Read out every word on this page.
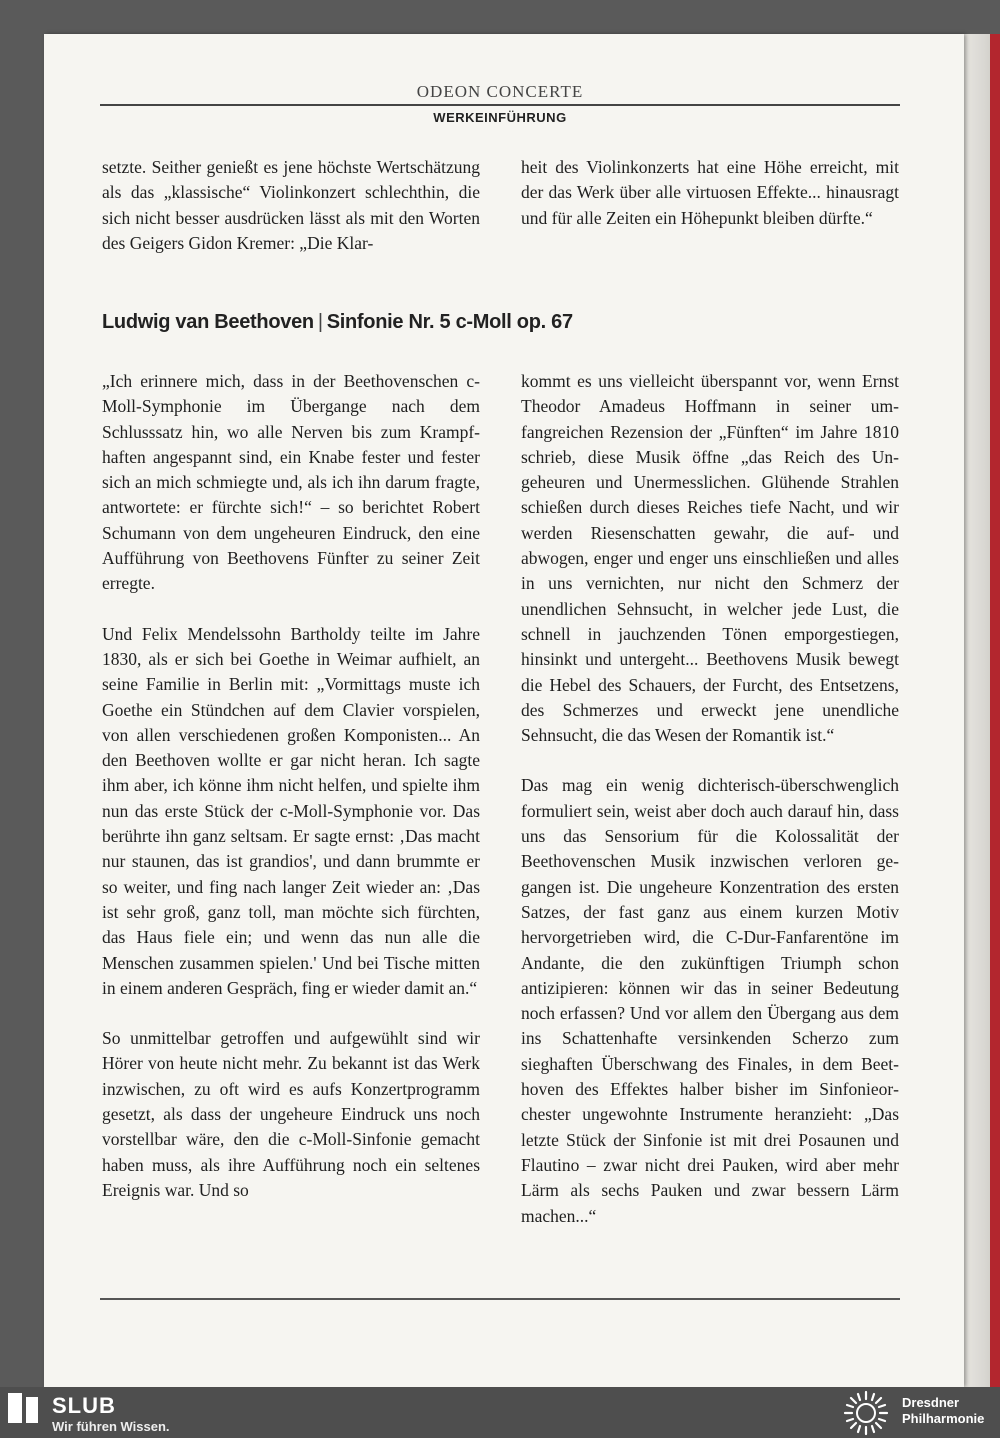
ODEON CONCERTE
WERKEINFÜHRUNG

setzte. Seither genießt es jene höchste Wertschätzung als das „klassische“ Violinkonzert schlechthin, die sich nicht besser ausdrücken lässt als mit den Worten des Geigers Gidon Kremer: „Die Klar-

heit des Violinkonzerts hat eine Höhe erreicht, mit der das Werk über alle virtuosen Effekte... hinausragt und für alle Zeiten ein Höhepunkt bleiben dürfte.“

Ludwig van Beethoven | Sinfonie Nr. 5 c-Moll op. 67

„Ich erinnere mich, dass in der Beethovenschen c-Moll-Symphonie im Übergange nach dem Schlusssatz hin, wo alle Nerven bis zum Krampfhaften angespannt sind, ein Knabe fester und fester sich an mich schmiegte und, als ich ihn darum fragte, antwortete: er fürchte sich!“ – so berichtet Robert Schumann von dem ungeheuren Eindruck, den eine Aufführung von Beethovens Fünfter zu seiner Zeit erregte.

Und Felix Mendelssohn Bartholdy teilte im Jahre 1830, als er sich bei Goethe in Weimar aufhielt, an seine Familie in Berlin mit: „Vormittags muste ich Goethe ein Stündchen auf dem Clavier vorspielen, von allen verschiedenen großen Komponisten... An den Beethoven wollte er gar nicht heran. Ich sagte ihm aber, ich könne ihm nicht helfen, und spielte ihm nun das erste Stück der c-Moll-Symphonie vor. Das berührte ihn ganz seltsam. Er sagte ernst: ‚Das macht nur staunen, das ist grandios', und dann brummte er so weiter, und fing nach langer Zeit wieder an: ‚Das ist sehr groß, ganz toll, man möchte sich fürchten, das Haus fiele ein; und wenn das nun alle die Menschen zusammen spielen.' Und bei Tische mitten in einem anderen Gespräch, fing er wieder damit an.“

So unmittelbar getroffen und aufgewühlt sind wir Hörer von heute nicht mehr. Zu bekannt ist das Werk inzwischen, zu oft wird es aufs Konzertprogramm gesetzt, als dass der ungeheure Eindruck uns noch vorstellbar wäre, den die c-Moll-Sinfonie gemacht haben muss, als ihre Aufführung noch ein seltenes Ereignis war. Und so

kommt es uns vielleicht überspannt vor, wenn Ernst Theodor Amadeus Hoffmann in seiner umfangreichen Rezension der „Fünften“ im Jahre 1810 schrieb, diese Musik öffne „das Reich des Ungeheuren und Unermesslichen. Glühende Strahlen schießen durch dieses Reiches tiefe Nacht, und wir werden Riesenschatten gewahr, die auf- und abwogen, enger und enger uns einschließen und alles in uns vernichten, nur nicht den Schmerz der unendlichen Sehnsucht, in welcher jede Lust, die schnell in jauchzenden Tönen emporgestiegen, hinsinkt und untergeht... Beethovens Musik bewegt die Hebel des Schauers, der Furcht, des Entsetzens, des Schmerzes und erweckt jene unendliche Sehnsucht, die das Wesen der Romantik ist.“

Das mag ein wenig dichterisch-überschwenglich formuliert sein, weist aber doch auch darauf hin, dass uns das Sensorium für die Kolossalität der Beethovenschen Musik inzwischen verloren gegangen ist. Die ungeheure Konzentration des ersten Satzes, der fast ganz aus einem kurzen Motiv hervorgetrieben wird, die C-Dur-Fanfarentöne im Andante, die den zukünftigen Triumph schon antizipieren: können wir das in seiner Bedeutung noch erfassen? Und vor allem den Übergang aus dem ins Schattenhafte versinkenden Scherzo zum sieghaften Überschwang des Finales, in dem Beethoven des Effektes halber bisher im Sinfonieorchester ungewohnte Instrumente heranzieht: „Das letzte Stück der Sinfonie ist mit drei Posaunen und Flautino – zwar nicht drei Pauken, wird aber mehr Lärm als sechs Pauken und zwar bessern Lärm machen...“

SLUB
Wir führen Wissen.
Dresdner
Philharmonie
